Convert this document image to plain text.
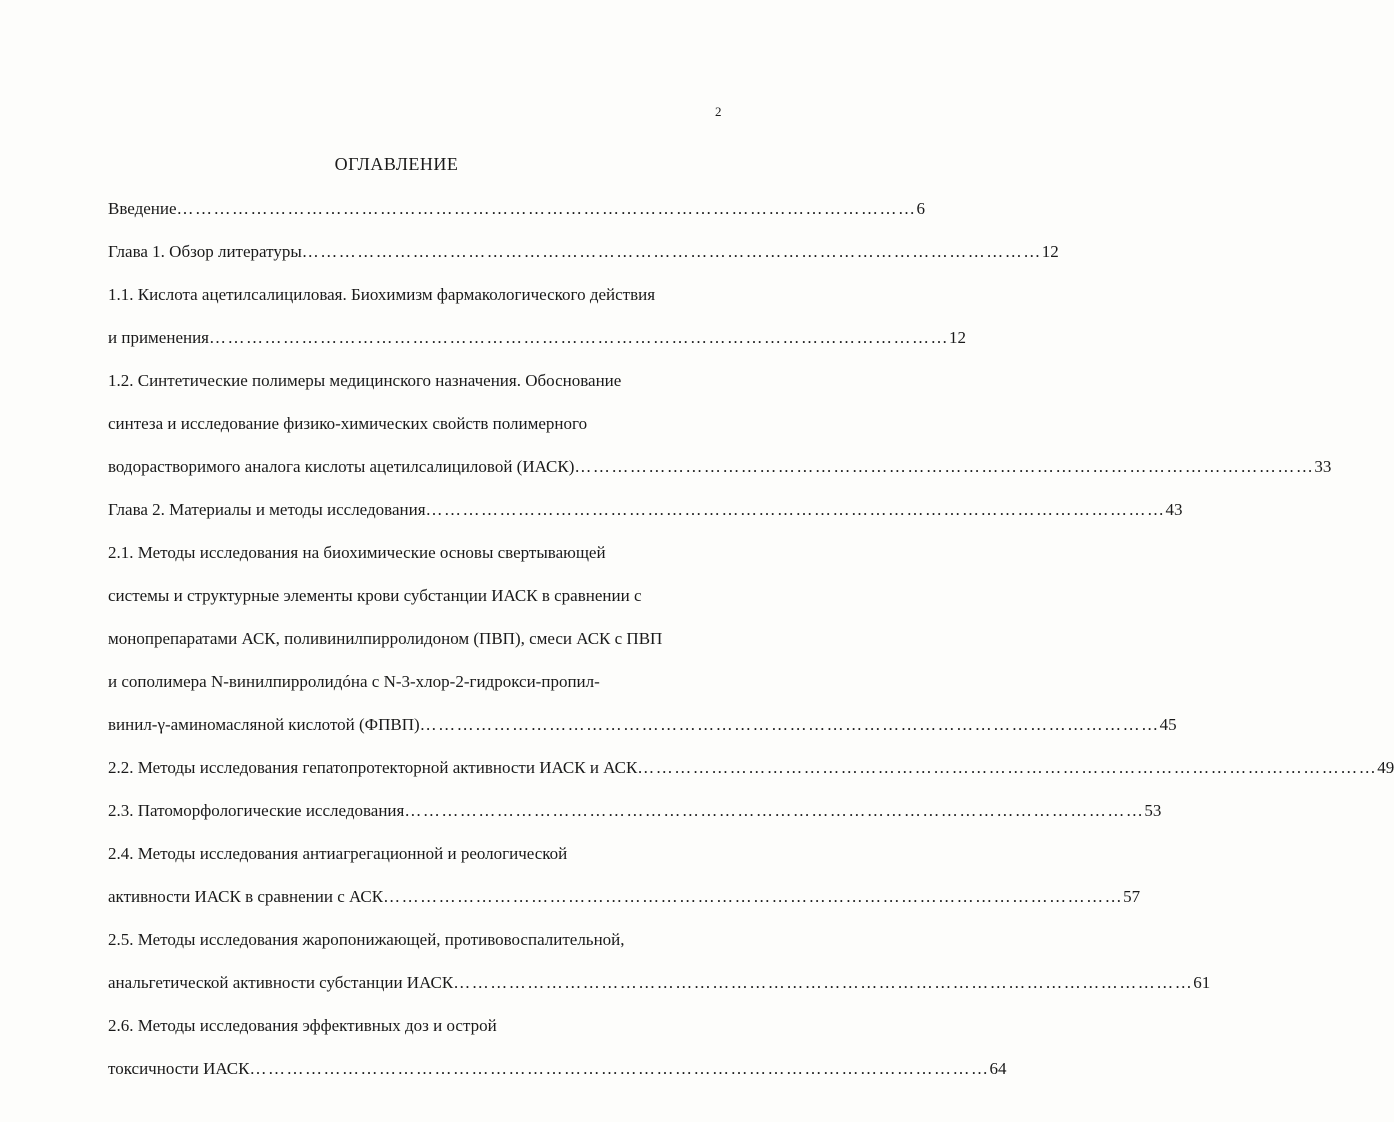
2
ОГЛАВЛЕНИЕ
Введение ………………………………………………………………………………………………………… 6
Глава 1. Обзор литературы ………………………………………………………………………………………………………… 12
1.1. Кислота ацетилсалициловая. Биохимизм фармакологического действия
и применения ………………………………………………………………………………………………………… 12
1.2. Синтетические полимеры медицинского назначения. Обоснование
синтеза и исследование физико-химических свойств полимерного
водорастворимого аналога кислоты ацетилсалициловой (ИАСК) ………………………………………………………………………………………………………… 33
Глава 2. Материалы и методы исследования ………………………………………………………………………………………………………… 43
2.1. Методы исследования на биохимические основы свертывающей
системы и структурные элементы крови субстанции ИАСК в сравнении с
монопрепаратами АСК, поливинилпирролидоном (ПВП), смеси АСК с ПВП
и сополимера N-винилпирролидóна с N-3-хлор-2-гидрокси-пропил-
винил-γ-аминомасляной кислотой (ФПВП) ………………………………………………………………………………………………………… 45
2.2. Методы исследования гепатопротекторной активности ИАСК и АСК ………………………………………………………………………………………………………… 49
2.3. Патоморфологические исследования ………………………………………………………………………………………………………… 53
2.4. Методы исследования антиагрегационной и реологической
активности ИАСК в сравнении с АСК ………………………………………………………………………………………………………… 57
2.5. Методы исследования жаропонижающей, противовоспалительной,
анальгетической активности субстанции ИАСК ………………………………………………………………………………………………………… 61
2.6. Методы исследования эффективных доз и острой
токсичности ИАСК ………………………………………………………………………………………………………… 64
